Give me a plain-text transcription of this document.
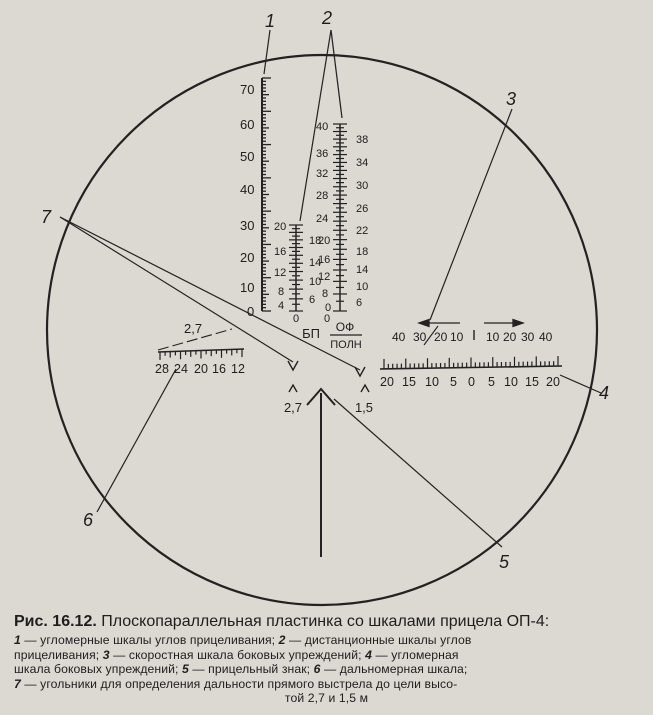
70
60
50
40
30
20
10
0
20
16
12
8
4
18
14
10
6
40
36
32
28
24
20
16
12
8
0
38
34
30
26
22
18
14
10
6
0 0
БП ОФ
ПОЛН
40 30 20 10 10 20 30 40
20 15 10 5 0 5 10 15 20
2,7
28 24 20 16 12
2,7	1,5
1	2
3
4
5
6
7
Рис. 16.12. Плоскопараллельная пластинка со шкалами прицела ОП-4:
1 — угломерные шкалы углов прицеливания; 2 — дистанционные шкалы углов
прицеливания; 3 — скоростная шкала боковых упреждений; 4 — угломерная
шкала боковых упреждений; 5 — прицельный знак; 6 — дальномерная шкала;
7 — угольники для определения дальности прямого выстрела до цели высо-
той 2,7 и 1,5 м
